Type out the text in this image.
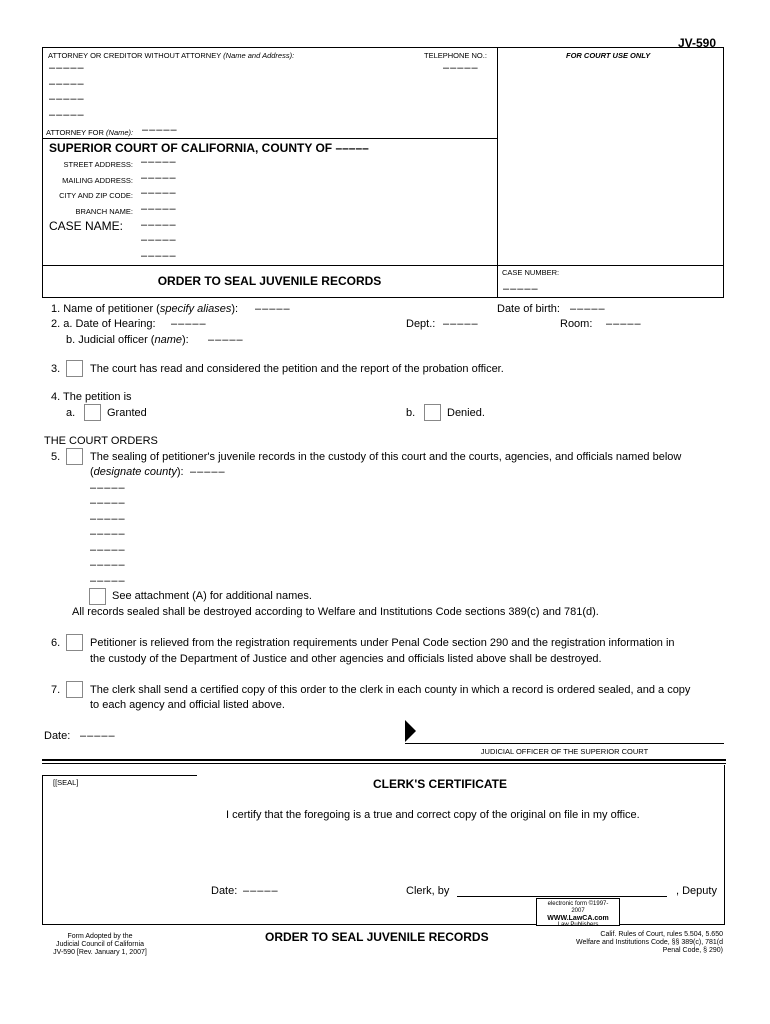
JV-590
ATTORNEY OR CREDITOR WITHOUT ATTORNEY (Name and Address):	TELEPHONE NO.:	FOR COURT USE ONLY
–––––	–––––
–––––
–––––
–––––
ATTORNEY FOR (Name): –––––
SUPERIOR COURT OF CALIFORNIA, COUNTY OF –––––
STREET ADDRESS: –––––
MAILING ADDRESS: –––––
CITY AND ZIP CODE: –––––
BRANCH NAME: –––––
CASE NAME: –––––
–––––
–––––
ORDER TO SEAL JUVENILE RECORDS
CASE NUMBER:
–––––
1. Name of petitioner (specify aliases): –––––	Date of birth: –––––
2. a. Date of Hearing: –––––	Dept.: –––––	Room: –––––
b. Judicial officer (name): –––––
3.	The court has read and considered the petition and the report of the probation officer.
4. The petition is
a.	Granted	b.	Denied.
THE COURT ORDERS
5.	The sealing of petitioner's juvenile records in the custody of this court and the courts, agencies, and officials named below
(designate county): –––––
–––––
–––––
–––––
–––––
–––––
–––––
–––––
See attachment (A) for additional names.
All records sealed shall be destroyed according to Welfare and Institutions Code sections 389(c) and 781(d).
6.	Petitioner is relieved from the registration requirements under Penal Code section 290 and the registration information in
the custody of the Department of Justice and other agencies and officials listed above shall be destroyed.
7.	The clerk shall send a certified copy of this order to the clerk in each county in which a record is ordered sealed, and a copy
to each agency and official listed above.
Date: –––––
JUDICIAL OFFICER OF THE SUPERIOR COURT
[[SEAL]	CLERK'S CERTIFICATE
I certify that the foregoing is a true and correct copy of the original on file in my office.
Date: –––––	Clerk, by	, Deputy
electronic form ©1997-
2007
WWW.LawCA.com
Law Publishers
Form Adopted by the
Judicial Council of California
JV-590 [Rev. January 1, 2007]
ORDER TO SEAL JUVENILE RECORDS	Calif. Rules of Court, rules 5.504, 5.650
Welfare and Institutions Code, §§ 389(c), 781(d
Penal Code, § 290)
